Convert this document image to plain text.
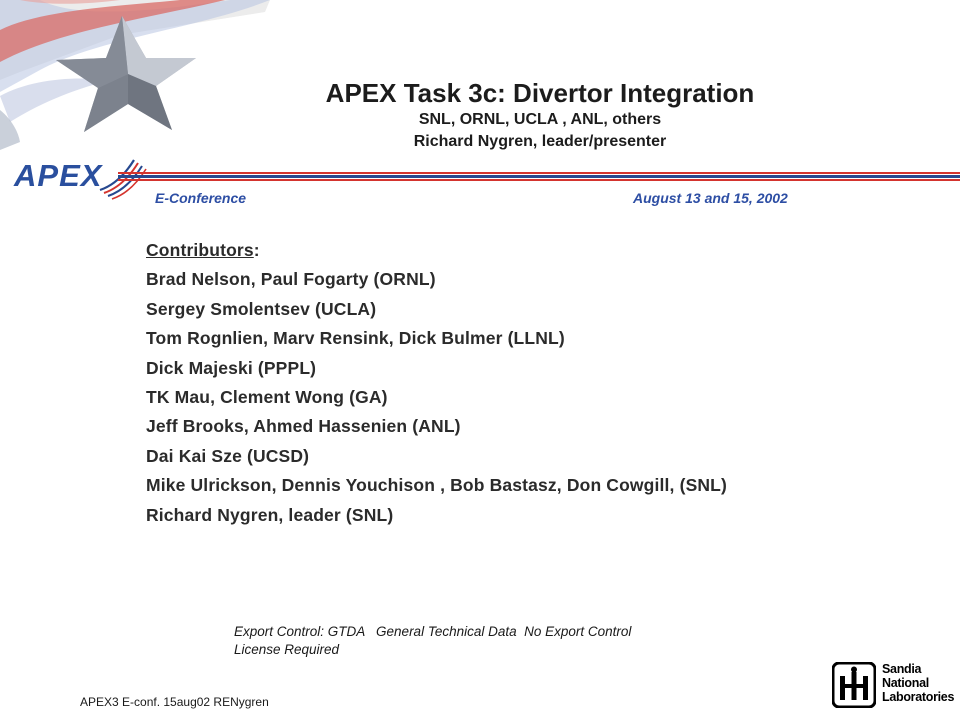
APEX
APEX Task 3c: Divertor Integration
SNL, ORNL, UCLA , ANL, others
Richard Nygren, leader/presenter
E-Conference	August 13 and 15, 2002
Contributors:
Brad Nelson, Paul Fogarty (ORNL)
Sergey Smolentsev (UCLA)
Tom Rognlien, Marv Rensink, Dick Bulmer (LLNL)
Dick Majeski (PPPL)
TK Mau, Clement Wong (GA)
Jeff Brooks, Ahmed Hassenien (ANL)
Dai Kai Sze (UCSD)
Mike Ulrickson, Dennis Youchison , Bob Bastasz, Don Cowgill, (SNL)
Richard Nygren, leader (SNL)
Export Control: GTDA   General Technical Data  No Export Control
License Required
APEX3 E-conf. 15aug02 RENygren
Sandia
National
Laboratories
